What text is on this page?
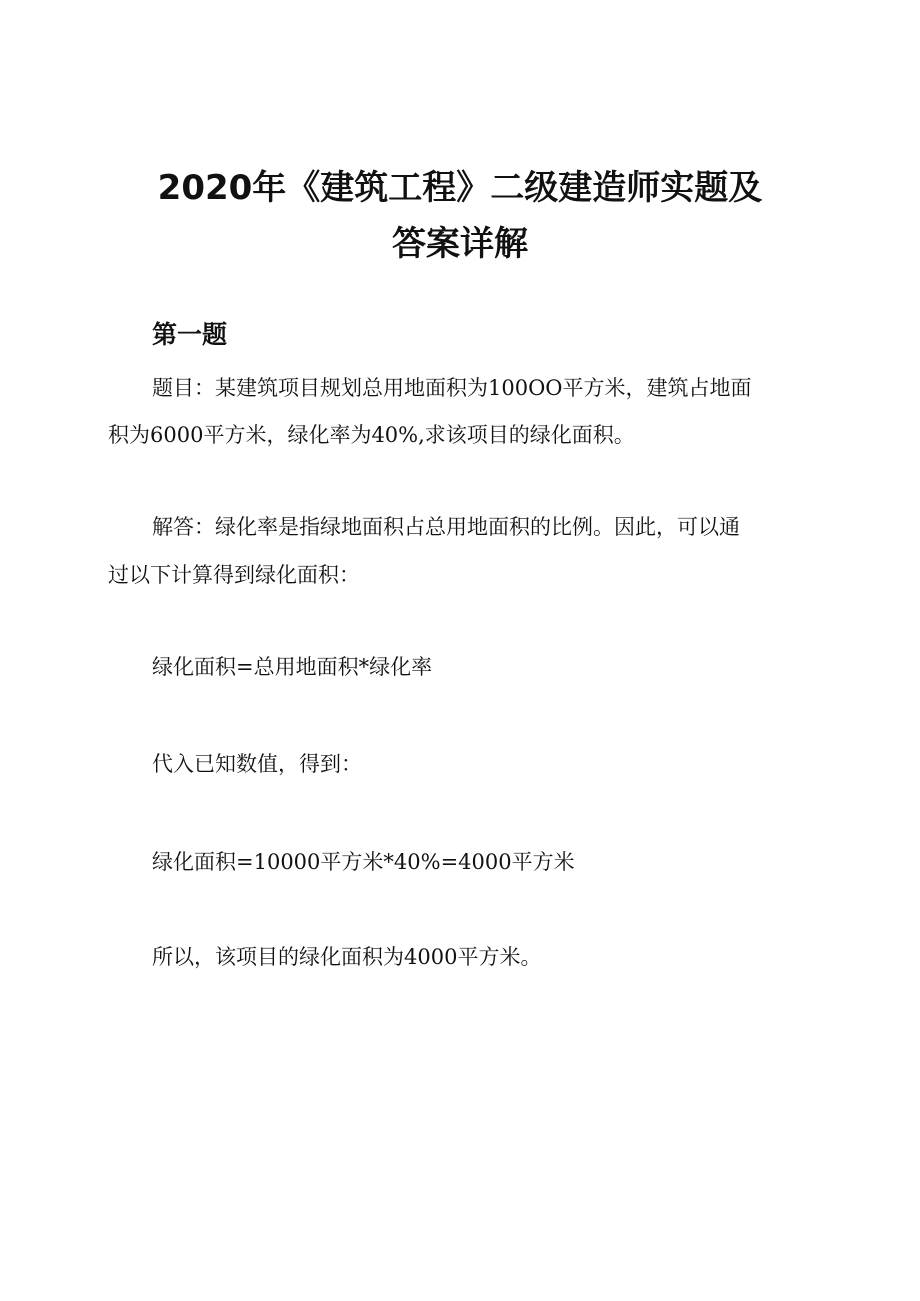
2020年《建筑工程》二级建造师实题及
答案详解
第一题

题目：某建筑项目规划总用地面积为100OO平方米，建筑占地面

积为6000平方米，绿化率为40%,求该项目的绿化面积。

解答：绿化率是指绿地面积占总用地面积的比例。因此，可以通

过以下计算得到绿化面积：

绿化面积=总用地面积*绿化率

代入已知数值，得到：

绿化面积=10000平方米*40%=4000平方米

所以，该项目的绿化面积为4000平方米。
